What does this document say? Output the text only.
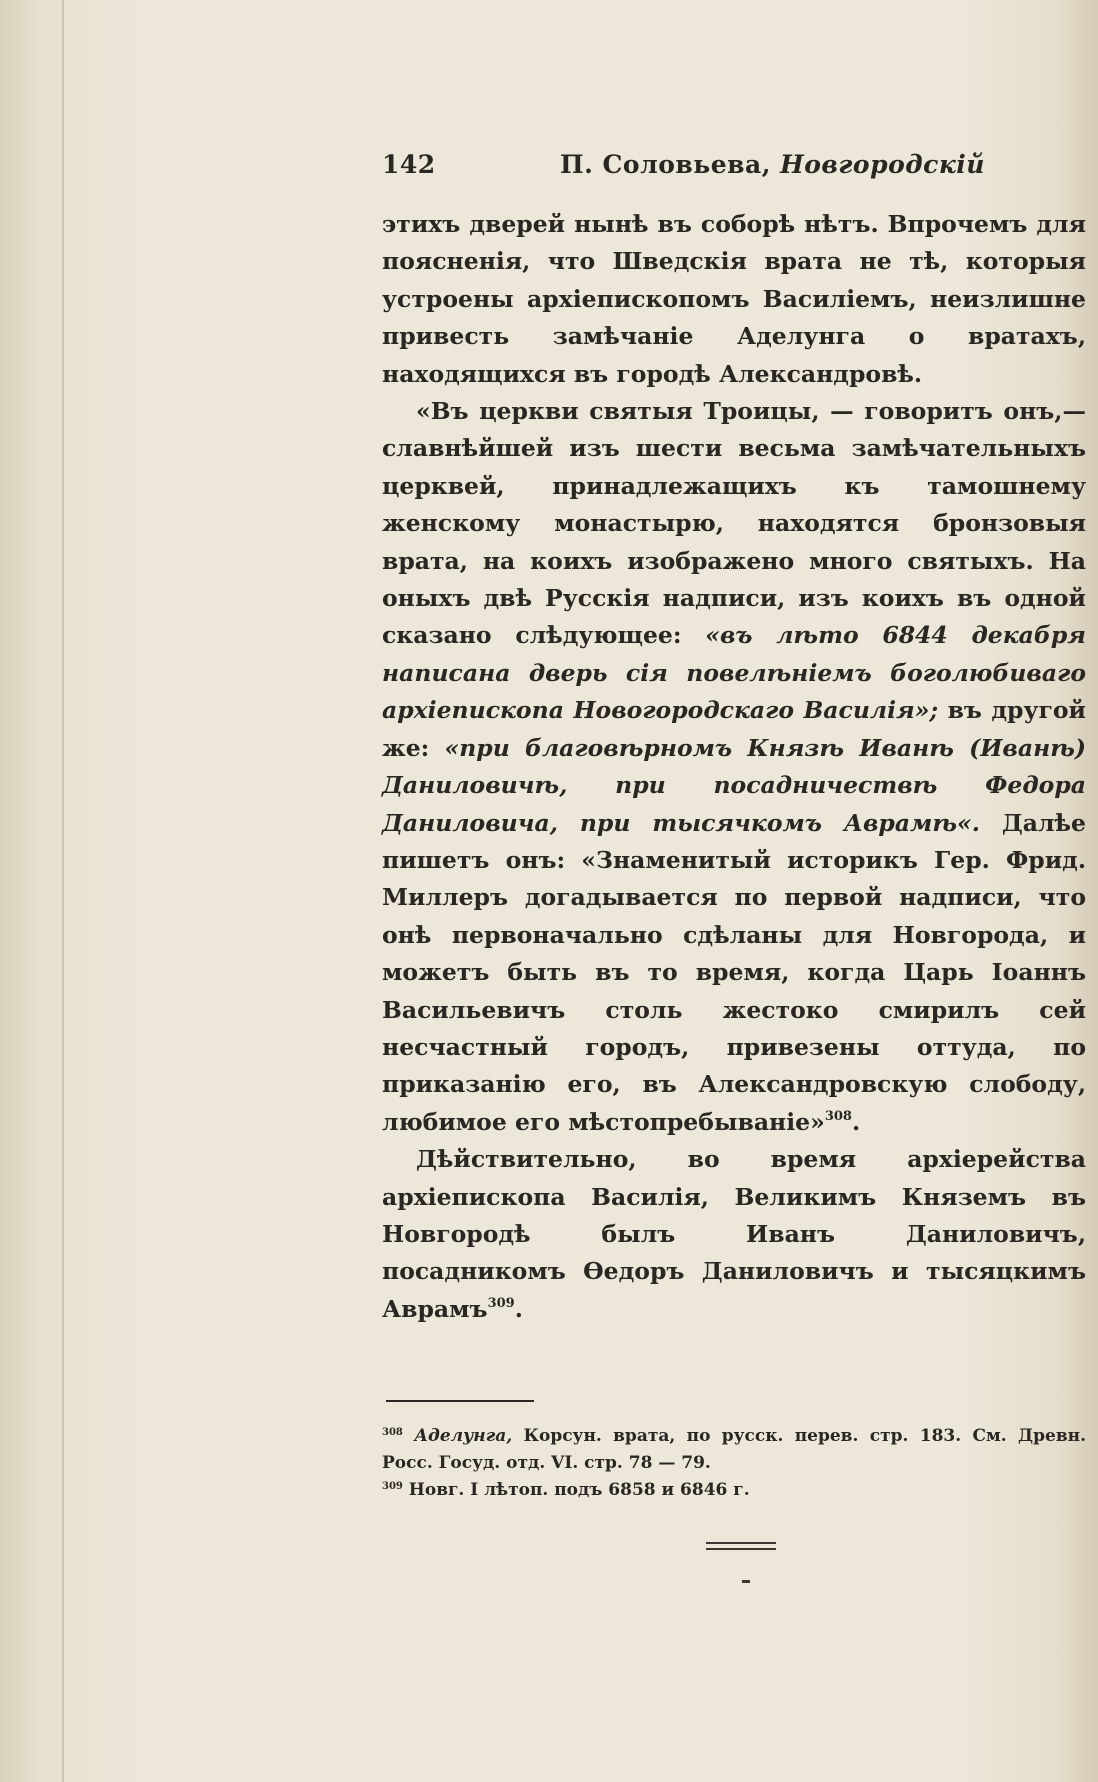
142	П. Соловьева, Новгородскій

этихъ дверей нынѣ въ соборѣ нѣтъ. Впрочемъ для поясненія, что Шведскія врата не тѣ, которыя устроены архіепископомъ Василіемъ, неизлишне привесть замѣчаніе Аделунга о вратахъ, находящихся въ городѣ Александровѣ.

«Въ церкви святыя Троицы, — говоритъ онъ,— славнѣйшей изъ шести весьма замѣчательныхъ церквей, принадлежащихъ къ тамошнему женскому монастырю, находятся бронзовыя врата, на коихъ изображено много святыхъ. На оныхъ двѣ Русскія надписи, изъ коихъ въ одной сказано слѣдующее: «въ лѣто 6844 декабря написана дверь сія повелѣніемъ боголюбиваго архіепископа Новогородскаго Василія»; въ другой же: «при благовѣрномъ Князѣ Иванѣ (Иванѣ) Даниловичѣ, при посадничествѣ Федора Даниловича, при тысячкомъ Аврамѣ«. Далѣе пишетъ онъ: «Знаменитый историкъ Гер. Фрид. Миллеръ догадывается по первой надписи, что онѣ первоначально сдѣланы для Новгорода, и можетъ быть въ то время, когда Царь Іоаннъ Васильевичъ столь жестоко смирилъ сей несчастный городъ, привезены оттуда, по приказанію его, въ Александровскую слободу, любимое его мѣстопребываніе»$^{308}$.

Дѣйствительно, во время архіерейства архіепископа Василія, Великимъ Княземъ въ Новгородѣ былъ Иванъ Даниловичъ, посадникомъ Ѳедоръ Даниловичъ и тысяцкимъ Аврамъ$^{309}$.

$^{308}$ Аделунга, Корсун. врата, по русск. перев. стр. 183. См. Древн. Росс. Госуд. отд. VI. стр. 78 — 79.

$^{309}$ Новг. I лѣтоп. подъ 6858 и 6846 г.
